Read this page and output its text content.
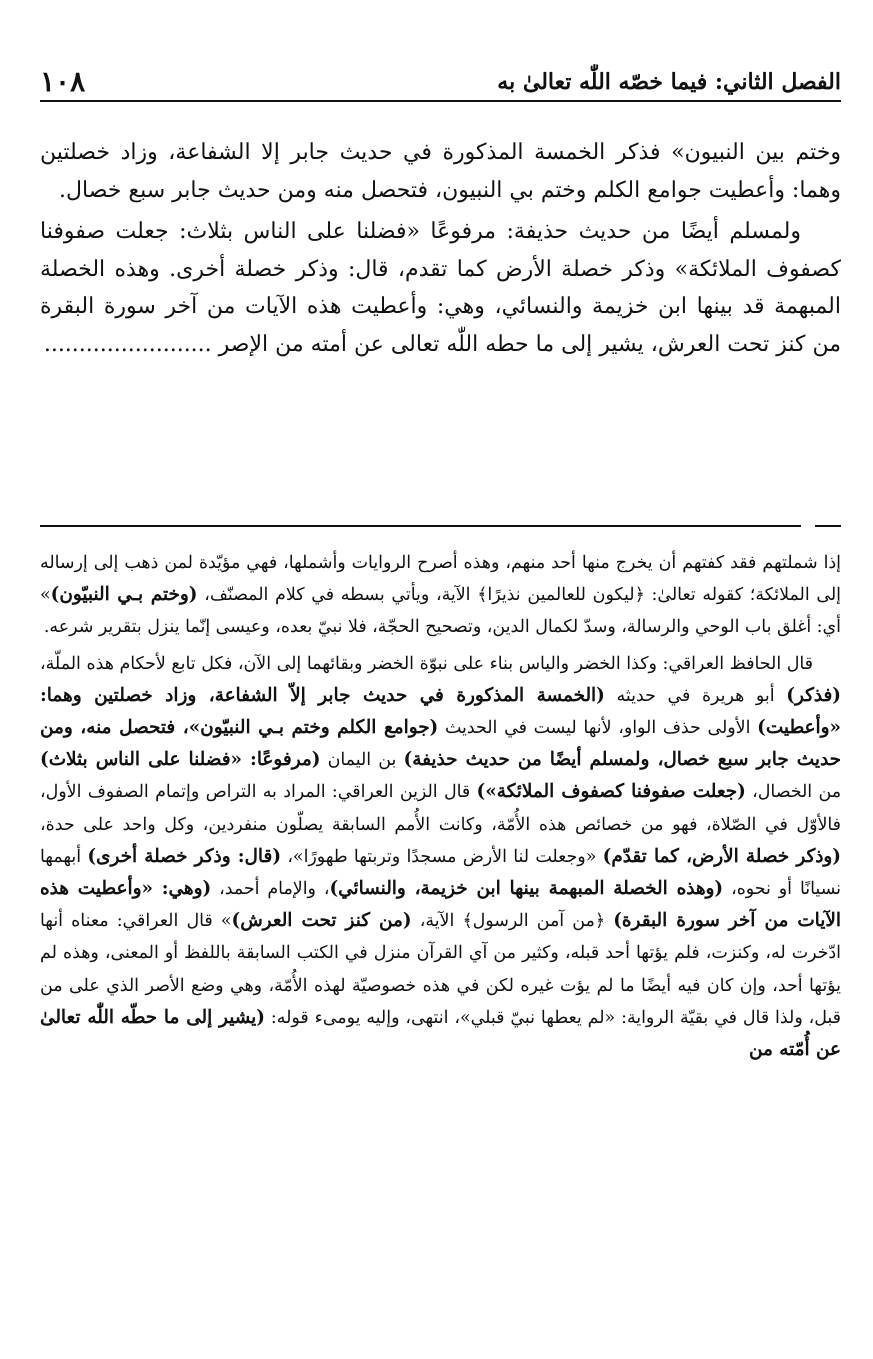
الفصل الثاني: فيما خصّه اللّٰه تعالىٰ به
١٠٨

وختم بين النبيون» فذكر الخمسة المذكورة في حديث جابر إلا الشفاعة، وزاد خصلتين وهما: وأعطيت جوامع الكلم وختم بي النبيون، فتحصل منه ومن حديث جابر سبع خصال.

ولمسلم أيضًا من حديث حذيفة: مرفوعًا «فضلنا على الناس بثلاث: جعلت صفوفنا كصفوف الملائكة» وذكر خصلة الأرض كما تقدم، قال: وذكر خصلة أخرى. وهذه الخصلة المبهمة قد بينها ابن خزيمة والنسائي، وهي: وأعطيت هذه الآيات من آخر سورة البقرة من كنز تحت العرش، يشير إلى ما حطه اللّٰه تعالى عن أمته من الإصر ........................

إذا شملتهم فقد كفتهم أن يخرج منها أحد منهم، وهذه أصرح الروايات وأشملها، فهي مؤيّدة لمن ذهب إلى إرساله إلى الملائكة؛ كقوله تعالىٰ: ﴿ليكون للعالمين نذيرًا﴾ الآية، ويأتي بسطه في كلام المصنّف، (وختم بـي النبيّون)» أي: أغلق باب الوحي والرسالة، وسدّ لكمال الدين، وتصحيح الحجّة، فلا نبيّ بعده، وعيسى إنّما ينزل بتقرير شرعه.

قال الحافظ العراقي: وكذا الخضر والياس بناء على نبوّة الخضر وبقائهما إلى الآن، فكل تابع لأحكام هذه الملّة، (فذكر) أبو هريرة في حديثه (الخمسة المذكورة في حديث جابر إلاّ الشفاعة، وزاد خصلتين وهما: «وأعطيت) الأولى حذف الواو، لأنها ليست في الحديث (جوامع الكلم وختم بـي النبيّون»، فتحصل منه، ومن حديث جابر سبع خصال، ولمسلم أيضًا من حديث حذيفة) بن اليمان (مرفوعًا: «فضلنا على الناس بثلاث) من الخصال، (جعلت صفوفنا كصفوف الملائكة») قال الزين العراقي: المراد به التراص وإتمام الصفوف الأول، فالأوّل في الصّلاة، فهو من خصائص هذه الأُمّة، وكانت الأُمم السابقة يصلّون منفردين، وكل واحد على حدة، (وذكر خصلة الأرض، كما تقدّم) «وجعلت لنا الأرض مسجدًا وتربتها طهورًا»، (قال: وذكر خصلة أخرى) أبهمها نسيانًا أو نحوه، (وهذه الخصلة المبهمة بينها ابن خزيمة، والنسائي)، والإمام أحمد، (وهي: «وأعطيت هذه الآيات من آخر سورة البقرة) ﴿من آمن الرسول﴾ الآية، (من كنز تحت العرش)» قال العراقي: معناه أنها ادّخرت له، وكنزت، فلم يؤتها أحد قبله، وكثير من آي القرآن منزل في الكتب السابقة باللفظ أو المعنى، وهذه لم يؤتها أحد، وإن كان فيه أيضًا ما لم يؤت غيره لكن في هذه خصوصيّة لهذه الأُمّة، وهي وضع الأصر الذي على من قبل، ولذا قال في بقيّة الرواية: «لم يعطها نبيّ قبلي»، انتهى، وإليه يومىء قوله: (يشير إلى ما حطّه اللّٰه تعالىٰ عن أُمّته من
